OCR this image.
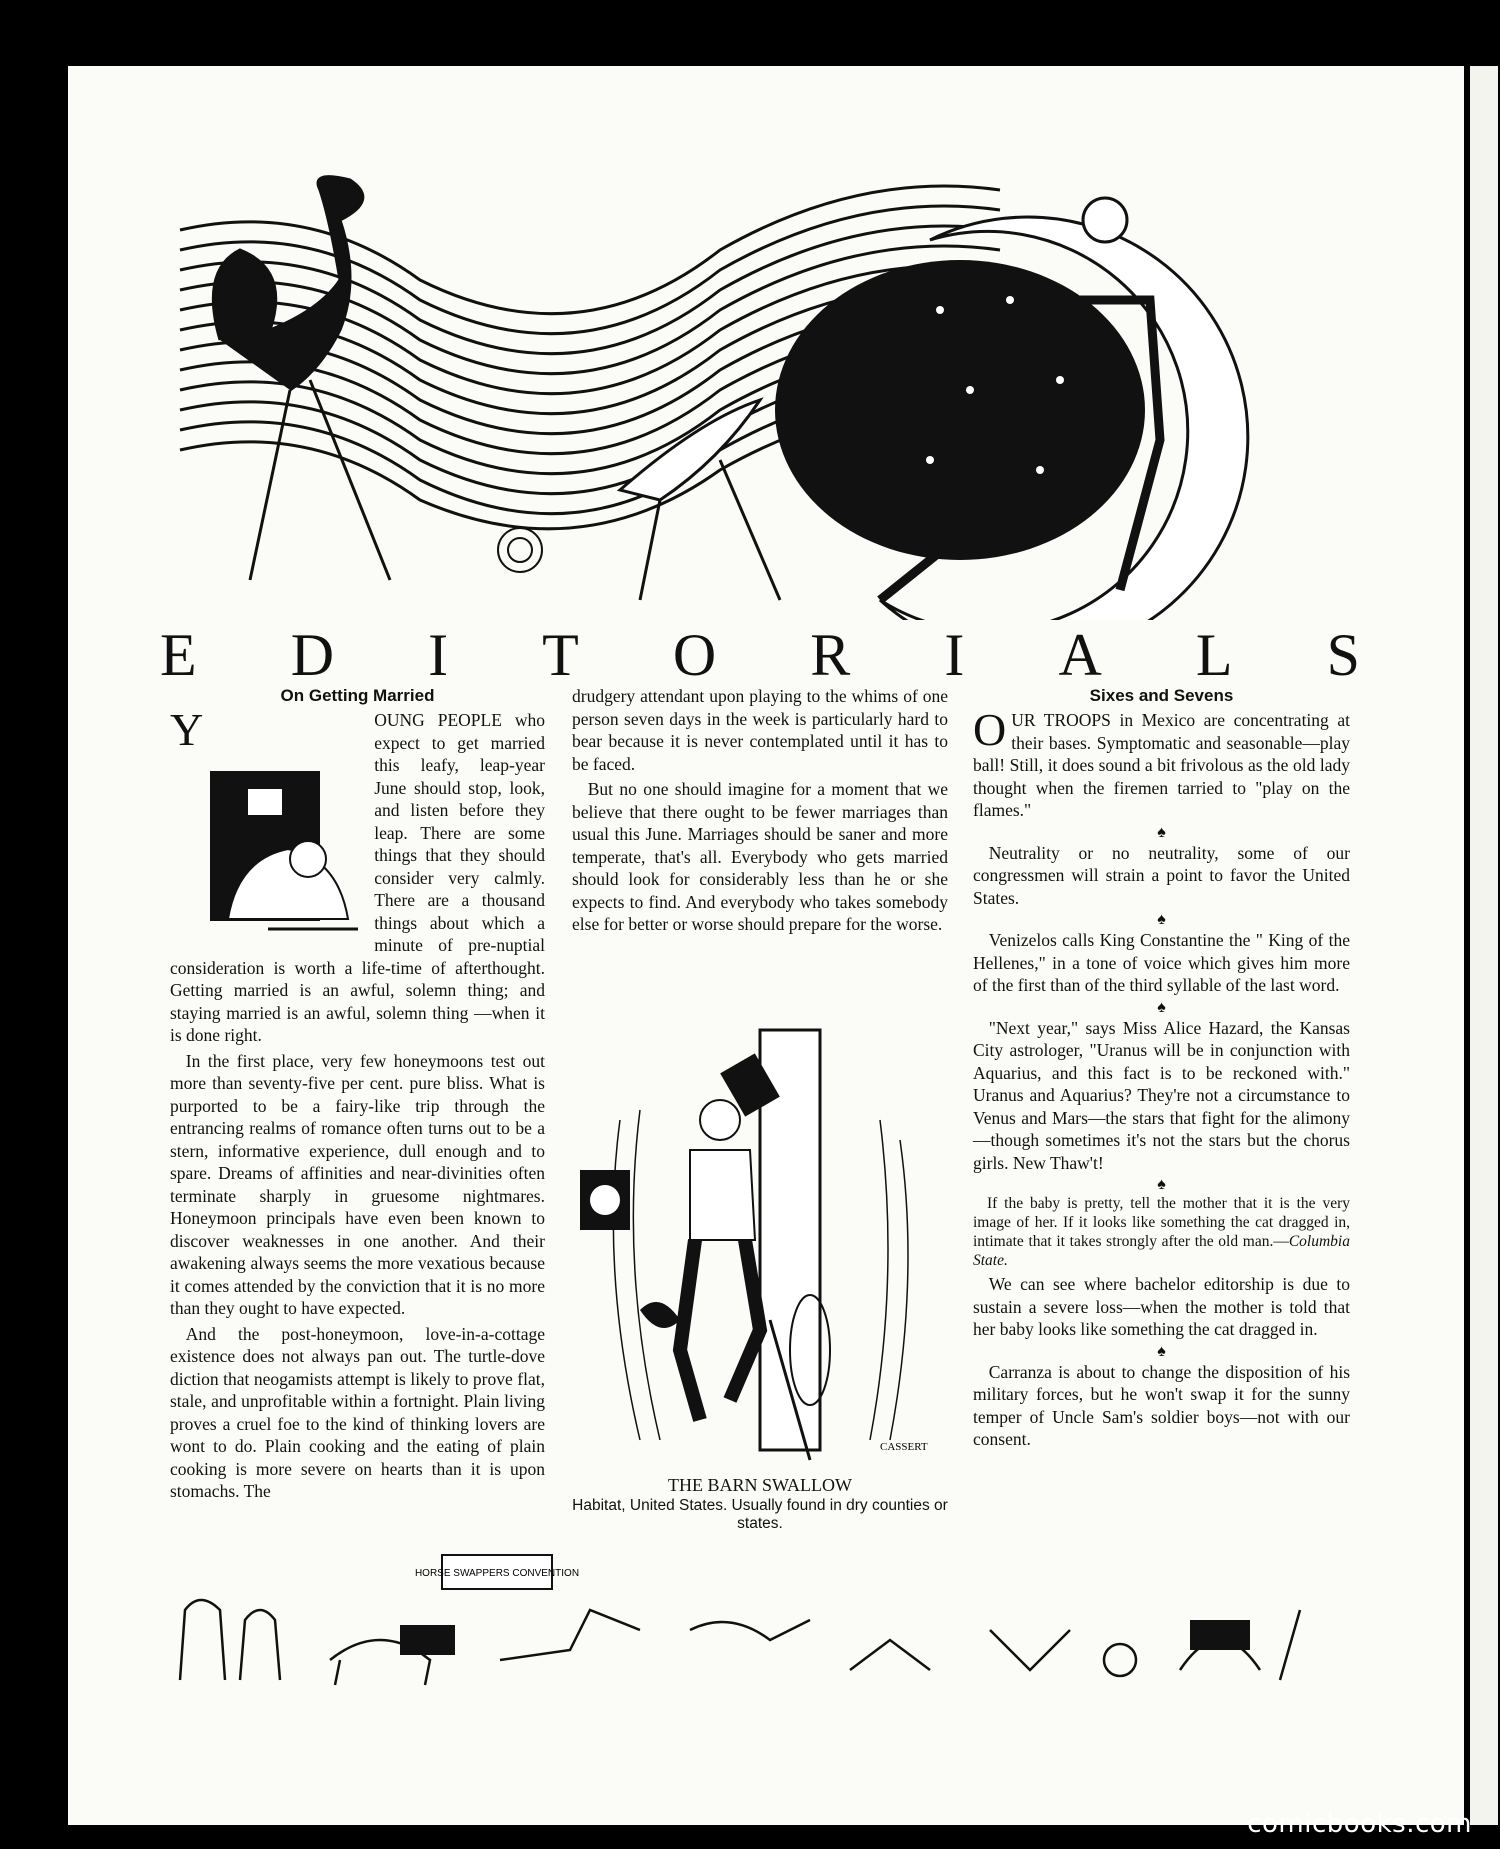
E D I T O R I A L S
On Getting Married

Y	OUNG PEOPLE who expect to get married this leafy, leap-year June should stop, look, and listen before they leap. There are some things that they should consider very calmly. There are a thousand things about which a minute of pre-nuptial consideration is worth a life-time of afterthought. Getting married is an awful, solemn thing; and staying married is an awful, solemn thing —when it is done right.

In the first place, very few honeymoons test out more than seventy-five per cent. pure bliss. What is purported to be a fairy-like trip through the entrancing realms of romance often turns out to be a stern, informative experience, dull enough and to spare. Dreams of affinities and near-divinities often terminate sharply in gruesome nightmares. Honeymoon principals have even been known to discover weaknesses in one another. And their awakening always seems the more vexatious because it comes attended by the conviction that it is no more than they ought to have expected.

And the post-honeymoon, love-in-a-cottage existence does not always pan out. The turtle-dove diction that neogamists attempt is likely to prove flat, stale, and unprofitable within a fortnight. Plain living proves a cruel foe to the kind of thinking lovers are wont to do. Plain cooking and the eating of plain cooking is more severe on hearts than it is upon stomachs. The

drudgery attendant upon playing to the whims of one person seven days in the week is particularly hard to bear because it is never contemplated until it has to be faced.

But no one should imagine for a moment that we believe that there ought to be fewer marriages than usual this June. Marriages should be saner and more temperate, that's all. Everybody who gets married should look for considerably less than he or she expects to find. And everybody who takes somebody else for better or worse should prepare for the worse.

CASSERT
THE BARN SWALLOW
Habitat, United States. Usually found in dry counties or states.
Sixes and Sevens

OUR TROOPS in Mexico are concentrating at their bases. Symptomatic and seasonable—play ball! Still, it does sound a bit frivolous as the old lady thought when the firemen tarried to "play on the flames."

♠

Neutrality or no neutrality, some of our congressmen will strain a point to favor the United States.

♠

Venizelos calls King Constantine the " King of the Hellenes," in a tone of voice which gives him more of the first than of the third syllable of the last word.

♠

"Next year," says Miss Alice Hazard, the Kansas City astrologer, "Uranus will be in conjunction with Aquarius, and this fact is to be reckoned with." Uranus and Aquarius? They're not a circumstance to Venus and Mars—the stars that fight for the alimony—though sometimes it's not the stars but the chorus girls. New Thaw't!

♠

If the baby is pretty, tell the mother that it is the very image of her. If it looks like something the cat dragged in, intimate that it takes strongly after the old man.—Columbia State.

We can see where bachelor editorship is due to sustain a severe loss—when the mother is told that her baby looks like something the cat dragged in.

♠

Carranza is about to change the disposition of his military forces, but he won't swap it for the sunny temper of Uncle Sam's soldier boys—not with our consent.

HORSE SWAPPERS CONVENTION
comicbooks.com
